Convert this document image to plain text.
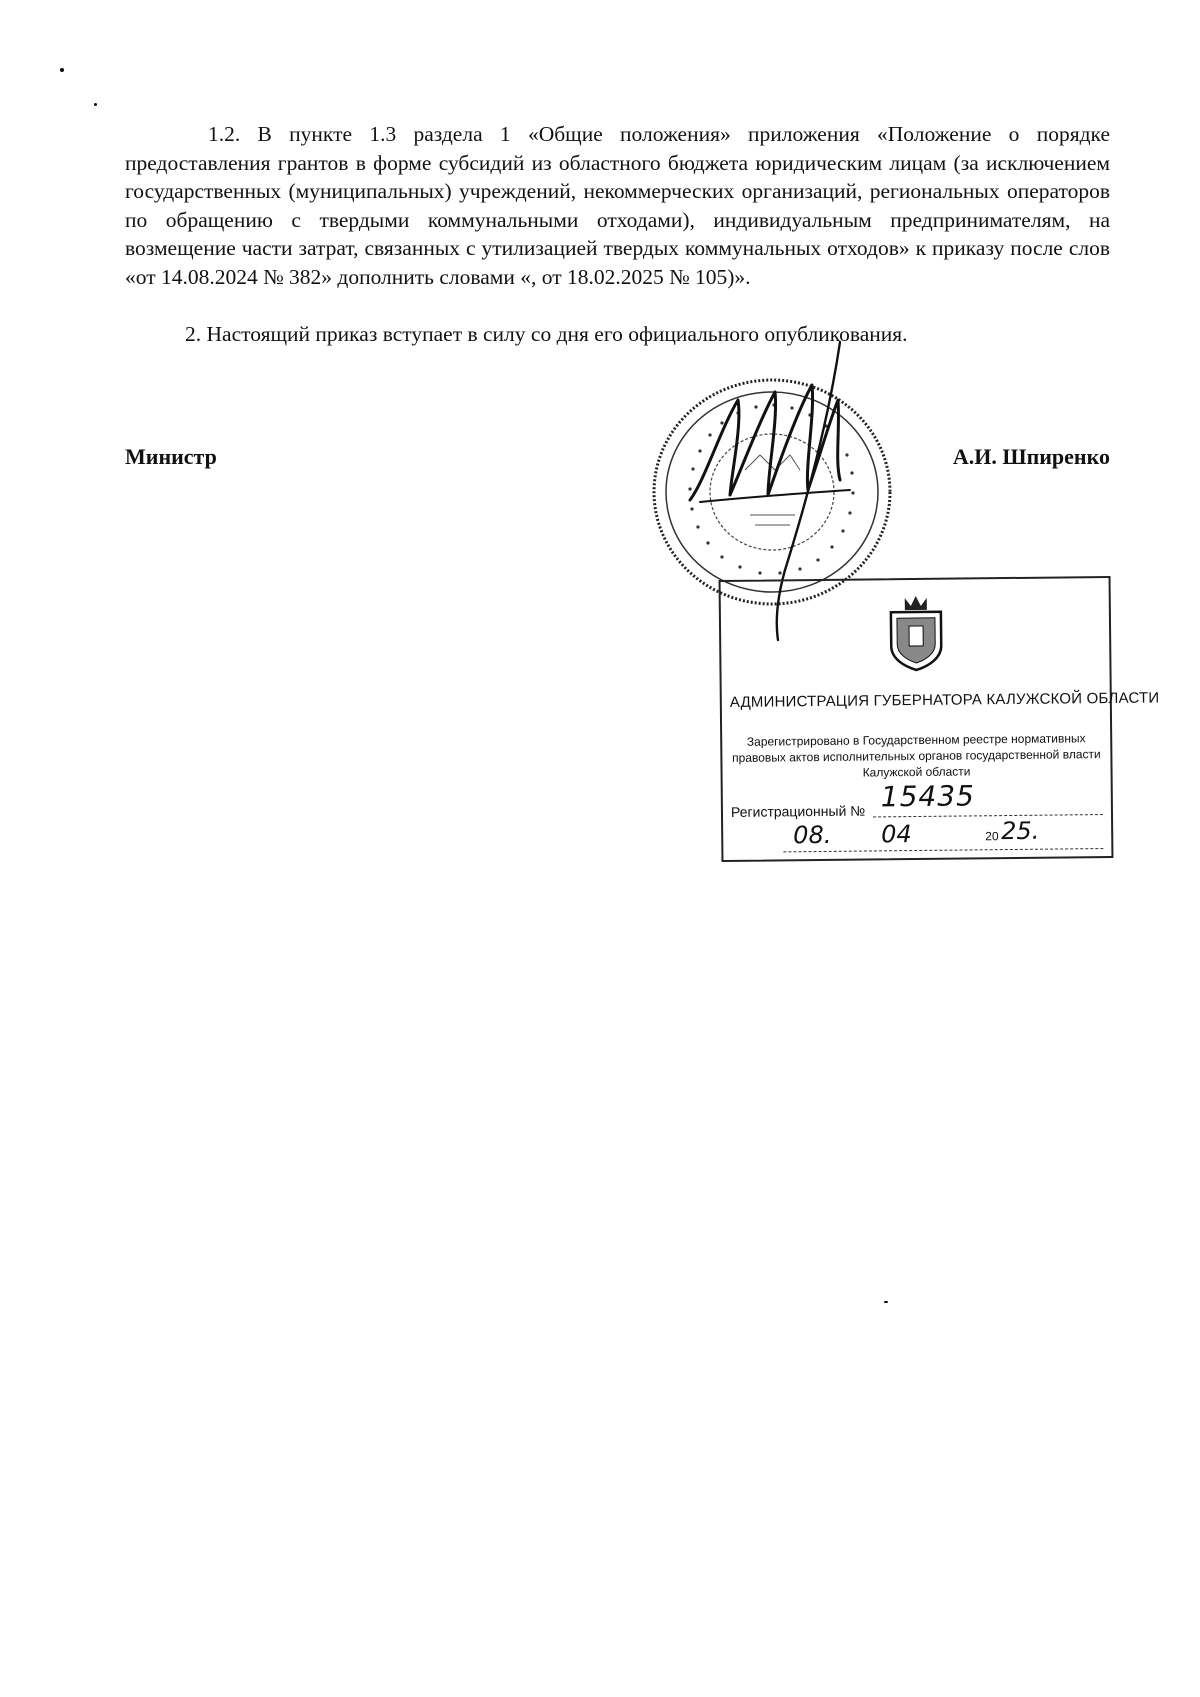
1.2. В пункте 1.3 раздела 1 «Общие положения» приложения «Положение о порядке предоставления грантов в форме субсидий из областного бюджета юридическим лицам (за исключением государственных (муниципальных) учреждений, некоммерческих организаций, региональных операторов по обращению с твердыми коммунальными отходами), индивидуальным предпринимателям, на возмещение части затрат, связанных с утилизацией твердых коммунальных отходов» к приказу после слов «от 14.08.2024 № 382» дополнить словами «, от 18.02.2025 № 105)».

2. Настоящий приказ вступает в силу со дня его официального опубликования.

Министр	А.И. Шпиренко

АДМИНИСТРАЦИЯ ГУБЕРНАТОРА КАЛУЖСКОЙ ОБЛАСТИ

Зарегистрировано в Государственном реестре нормативных

правовых актов исполнительных органов государственной власти

Калужской области

Регистрационный № 15435

08. 04	20 25.
